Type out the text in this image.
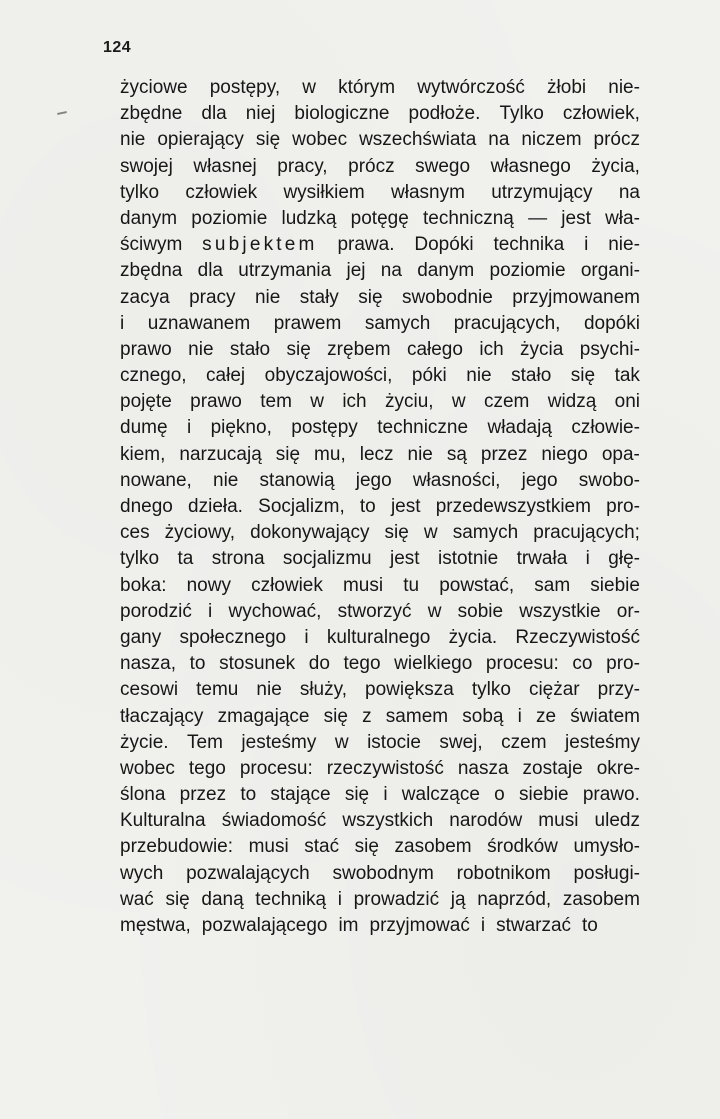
124
życiowe postępy, w którym wytwórczość żłobi nie-
zbędne dla niej biologiczne podłoże. Tylko człowiek,
nie opierający się wobec wszechświata na niczem prócz
swojej własnej pracy, prócz swego własnego życia,
tylko człowiek wysiłkiem własnym utrzymujący na
danym poziomie ludzką potęgę techniczną — jest wła-
ściwym subjektem prawa. Dopóki technika i nie-
zbędna dla utrzymania jej na danym poziomie organi-
zacya pracy nie stały się swobodnie przyjmowanem
i uznawanem prawem samych pracujących, dopóki
prawo nie stało się zrębem całego ich życia psychi-
cznego, całej obyczajowości, póki nie stało się tak
pojęte prawo tem w ich życiu, w czem widzą oni
dumę i piękno, postępy techniczne władają człowie-
kiem, narzucają się mu, lecz nie są przez niego opa-
nowane, nie stanowią jego własności, jego swobo-
dnego dzieła. Socjalizm, to jest przedewszystkiem pro-
ces życiowy, dokonywający się w samych pracujących;
tylko ta strona socjalizmu jest istotnie trwała i głę-
boka: nowy człowiek musi tu powstać, sam siebie
porodzić i wychować, stworzyć w sobie wszystkie or-
gany społecznego i kulturalnego życia. Rzeczywistość
nasza, to stosunek do tego wielkiego procesu: co pro-
cesowi temu nie służy, powiększa tylko ciężar przy-
tłaczający zmagające się z samem sobą i ze światem
życie. Tem jesteśmy w istocie swej, czem jesteśmy
wobec tego procesu: rzeczywistość nasza zostaje okre-
ślona przez to stające się i walczące o siebie prawo.
Kulturalna świadomość wszystkich narodów musi uledz
przebudowie: musi stać się zasobem środków umysło-
wych pozwalających swobodnym robotnikom posługi-
wać się daną techniką i prowadzić ją naprzód, zasobem
męstwa, pozwalającego im przyjmować i stwarzać to
